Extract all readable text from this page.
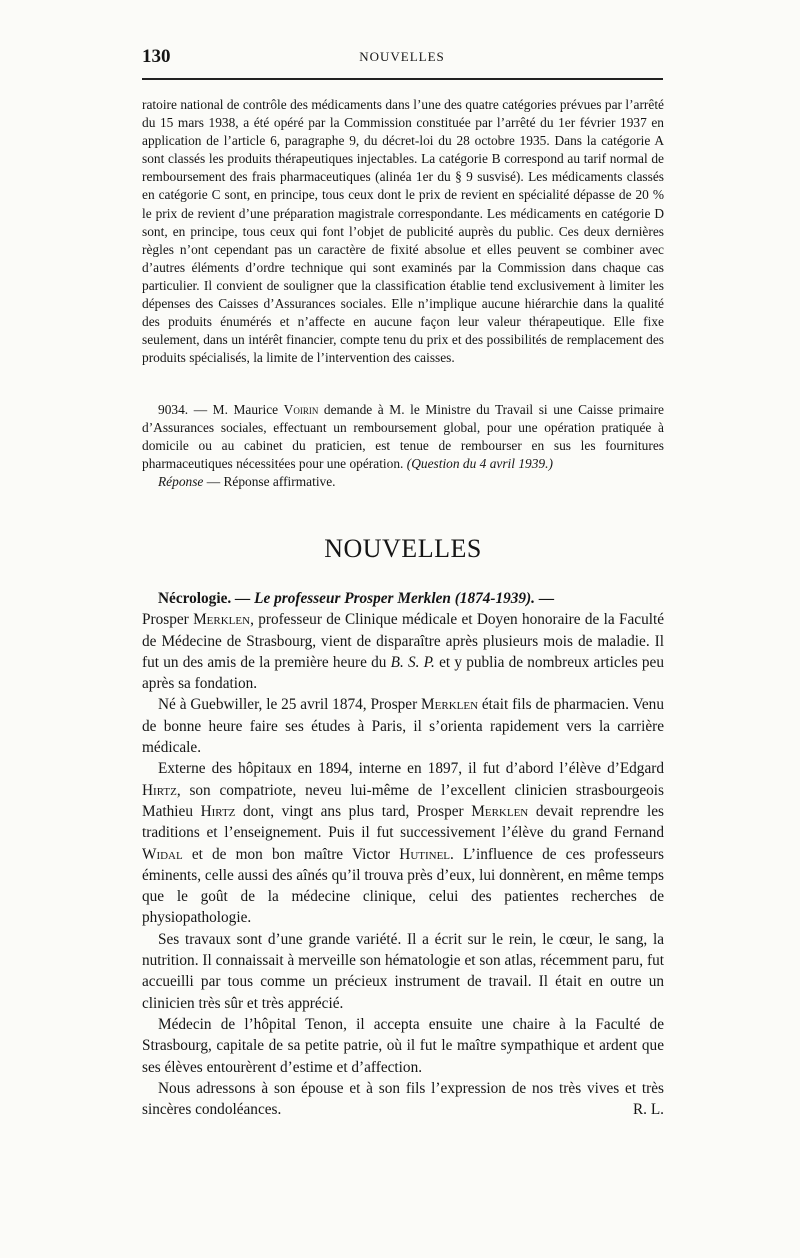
130	NOUVELLES

ratoire national de contrôle des médicaments dans l’une des quatre catégories prévues par l’arrêté du 15 mars 1938, a été opéré par la Commission constituée par l’arrêté du 1er février 1937 en application de l’article 6, paragraphe 9, du décret-loi du 28 octobre 1935. Dans la catégorie A sont classés les produits thérapeutiques injectables. La catégorie B correspond au tarif normal de remboursement des frais pharmaceutiques (alinéa 1er du § 9 susvisé). Les médicaments classés en catégorie C sont, en principe, tous ceux dont le prix de revient en spécialité dépasse de 20 % le prix de revient d’une préparation magistrale correspondante. Les médicaments en catégorie D sont, en principe, tous ceux qui font l’objet de publicité auprès du public. Ces deux dernières règles n’ont cependant pas un caractère de fixité absolue et elles peuvent se combiner avec d’autres éléments d’ordre technique qui sont examinés par la Commission dans chaque cas particulier. Il convient de souligner que la classification établie tend exclusivement à limiter les dépenses des Caisses d’Assurances sociales. Elle n’implique aucune hiérarchie dans la qualité des produits énumérés et n’affecte en aucune façon leur valeur thérapeutique. Elle fixe seulement, dans un intérêt financier, compte tenu du prix et des possibilités de remplacement des produits spécialisés, la limite de l’intervention des caisses.

9034. — M. Maurice Voirin demande à M. le Ministre du Travail si une Caisse primaire d’Assurances sociales, effectuant un remboursement global, pour une opération pratiquée à domicile ou au cabinet du praticien, est tenue de rembourser en sus les fournitures pharmaceutiques nécessitées pour une opération. (Question du 4 avril 1939.)
Réponse — Réponse affirmative.
NOUVELLES
Nécrologie. — Le professeur Prosper Merklen (1874-1939). —

Prosper Merklen, professeur de Clinique médicale et Doyen honoraire de la Faculté de Médecine de Strasbourg, vient de disparaître après plusieurs mois de maladie. Il fut un des amis de la première heure du B. S. P. et y publia de nombreux articles peu après sa fondation.

Né à Guebwiller, le 25 avril 1874, Prosper Merklen était fils de pharmacien. Venu de bonne heure faire ses études à Paris, il s’orienta rapidement vers la carrière médicale.

Externe des hôpitaux en 1894, interne en 1897, il fut d’abord l’élève d’Edgard Hirtz, son compatriote, neveu lui-même de l’excellent clinicien strasbourgeois Mathieu Hirtz dont, vingt ans plus tard, Prosper Merklen devait reprendre les traditions et l’enseignement. Puis il fut successivement l’élève du grand Fernand Widal et de mon bon maître Victor Hutinel. L’influence de ces professeurs éminents, celle aussi des aînés qu’il trouva près d’eux, lui donnèrent, en même temps que le goût de la médecine clinique, celui des patientes recherches de physiopathologie.

Ses travaux sont d’une grande variété. Il a écrit sur le rein, le cœur, le sang, la nutrition. Il connaissait à merveille son hématologie et son atlas, récemment paru, fut accueilli par tous comme un précieux instrument de travail. Il était en outre un clinicien très sûr et très apprécié.

Médecin de l’hôpital Tenon, il accepta ensuite une chaire à la Faculté de Strasbourg, capitale de sa petite patrie, où il fut le maître sympathique et ardent que ses élèves entourèrent d’estime et d’affection.

Nous adressons à son épouse et à son fils l’expression de nos très vives et très sincères condoléances.	R. L.
